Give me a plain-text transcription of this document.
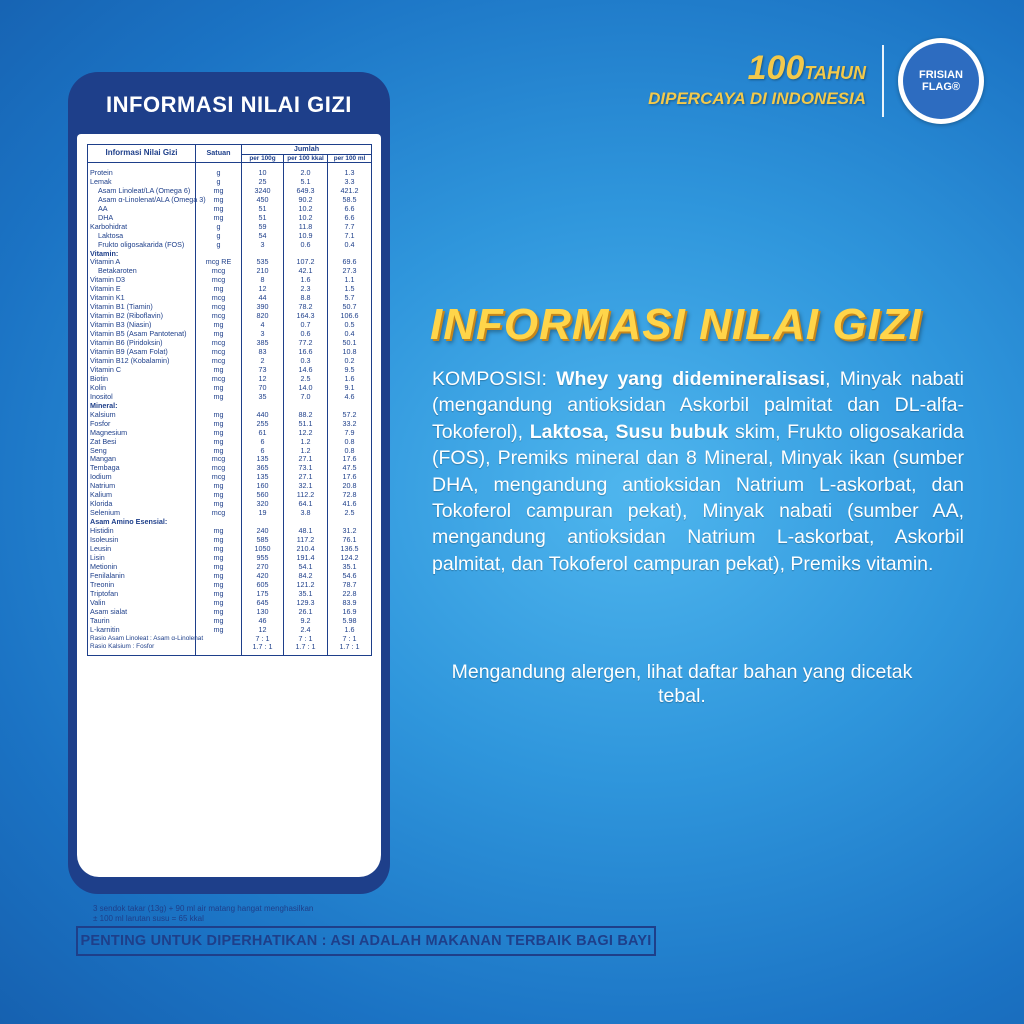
100TAHUN
DIPERCAYA DI INDONESIA
FRISIAN
FLAG®
INFORMASI NILAI GIZI
Informasi Nilai Gizi	Satuan	Jumlah		
		per 100g	per 100 kkal	per 100 ml
Protein	g	10	2.0	1.3
Lemak	g	25	5.1	3.3
Asam Linoleat/LA (Omega 6)	mg	3240	649.3	421.2
Asam α-Linolenat/ALA (Omega 3)	mg	450	90.2	58.5
AA	mg	51	10.2	6.6
DHA	mg	51	10.2	6.6
Karbohidrat	g	59	11.8	7.7
Laktosa	g	54	10.9	7.1
Frukto oligosakarida (FOS)	g	3	0.6	0.4
Vitamin:				
Vitamin A	mcg RE	535	107.2	69.6
Betakaroten	mcg	210	42.1	27.3
Vitamin D3	mcg	8	1.6	1.1
Vitamin E	mg	12	2.3	1.5
Vitamin K1	mcg	44	8.8	5.7
Vitamin B1 (Tiamin)	mcg	390	78.2	50.7
Vitamin B2 (Riboflavin)	mcg	820	164.3	106.6
Vitamin B3 (Niasin)	mg	4	0.7	0.5
Vitamin B5 (Asam Pantotenat)	mg	3	0.6	0.4
Vitamin B6 (Piridoksin)	mcg	385	77.2	50.1
Vitamin B9 (Asam Folat)	mcg	83	16.6	10.8
Vitamin B12 (Kobalamin)	mcg	2	0.3	0.2
Vitamin C	mg	73	14.6	9.5
Biotin	mcg	12	2.5	1.6
Kolin	mg	70	14.0	9.1
Inositol	mg	35	7.0	4.6
Mineral:				
Kalsium	mg	440	88.2	57.2
Fosfor	mg	255	51.1	33.2
Magnesium	mg	61	12.2	7.9
Zat Besi	mg	6	1.2	0.8
Seng	mg	6	1.2	0.8
Mangan	mcg	135	27.1	17.6
Tembaga	mcg	365	73.1	47.5
Iodium	mcg	135	27.1	17.6
Natrium	mg	160	32.1	20.8
Kalium	mg	560	112.2	72.8
Klorida	mg	320	64.1	41.6
Selenium	mcg	19	3.8	2.5
Asam Amino Esensial:				
Histidin	mg	240	48.1	31.2
Isoleusin	mg	585	117.2	76.1
Leusin	mg	1050	210.4	136.5
Lisin	mg	955	191.4	124.2
Metionin	mg	270	54.1	35.1
Fenilalanin	mg	420	84.2	54.6
Treonin	mg	605	121.2	78.7
Triptofan	mg	175	35.1	22.8
Valin	mg	645	129.3	83.9

Asam sialat	mg	130	26.1	16.9
Taurin	mg	46	9.2	5.98
L-karnitin	mg	12	2.4	1.6
Rasio Asam Linoleat : Asam α-Linolenat		7 : 1	7 : 1	7 : 1
Rasio Kalsium : Fosfor		1.7 : 1	1.7 : 1	1.7 : 1
3 sendok takar (13g) + 90 ml air matang hangat menghasilkan
± 100 ml larutan susu = 65 kkal
INFORMASI NILAI GIZI
KOMPOSISI: Whey yang didemineralisasi, Minyak nabati (mengandung antioksidan Askorbil palmitat dan DL-alfa-Tokoferol), Laktosa, Susu bubuk skim, Frukto oligosakarida (FOS), Premiks mineral dan 8 Mineral, Minyak ikan (sumber DHA, mengandung antioksidan Natrium L-askorbat, dan Tokoferol campuran pekat), Minyak nabati (sumber AA, mengandung antioksidan Natrium L-askorbat, Askorbil palmitat, dan Tokoferol campuran pekat), Premiks vitamin.
Mengandung alergen, lihat daftar bahan yang dicetak tebal.
PENTING UNTUK DIPERHATIKAN : ASI ADALAH MAKANAN TERBAIK BAGI BAYI
